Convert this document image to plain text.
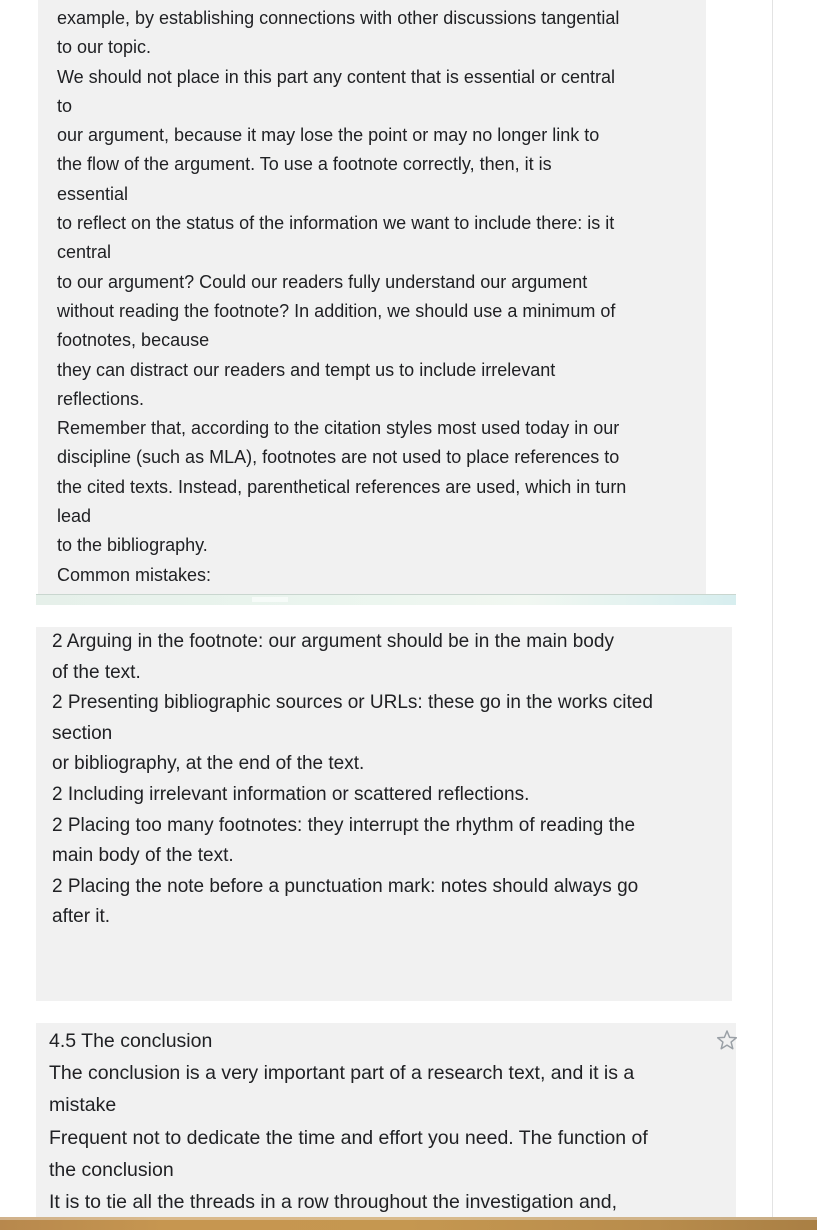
example, by establishing connections with other discussions tangential
to our topic.
We should not place in this part any content that is essential or central
to
our argument, because it may lose the point or may no longer link to
the flow of the argument. To use a footnote correctly, then, it is
essential
to reflect on the status of the information we want to include there: is it
central
to our argument? Could our readers fully understand our argument
without reading the footnote? In addition, we should use a minimum of
footnotes, because
they can distract our readers and tempt us to include irrelevant
reflections.
Remember that, according to the citation styles most used today in our
discipline (such as MLA), footnotes are not used to place references to
the cited texts. Instead, parenthetical references are used, which in turn
lead
to the bibliography.
Common mistakes:
2 Arguing in the footnote: our argument should be in the main body
of the text.
2 Presenting bibliographic sources or URLs: these go in the works cited
section
or bibliography, at the end of the text.
2 Including irrelevant information or scattered reflections.
2 Placing too many footnotes: they interrupt the rhythm of reading the
main body of the text.
2 Placing the note before a punctuation mark: notes should always go
after it.
4.5 The conclusion
The conclusion is a very important part of a research text, and it is a
mistake
Frequent not to dedicate the time and effort you need. The function of
the conclusion
It is to tie all the threads in a row throughout the investigation and,
